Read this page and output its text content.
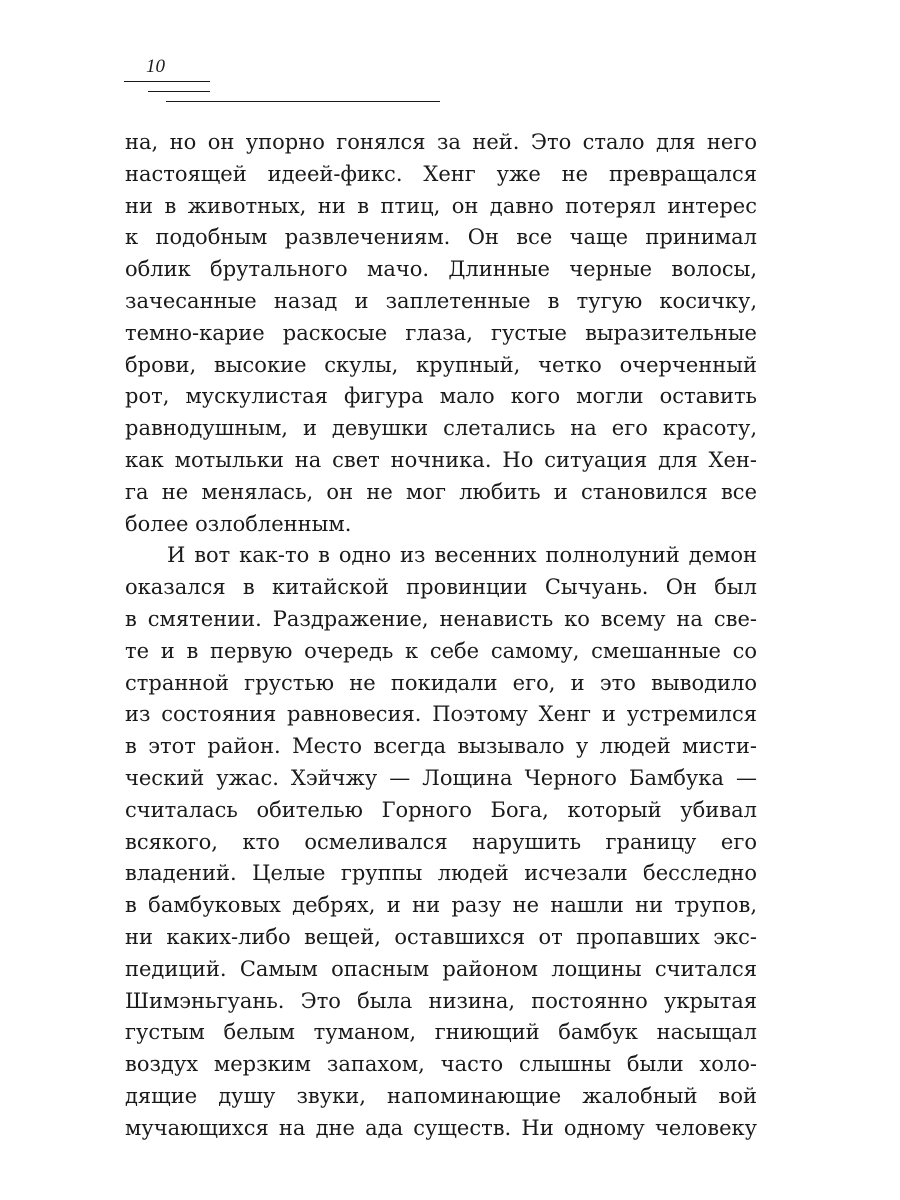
10
на, но он упорно гонялся за ней. Это стало для него
настоящей идеей-фикс. Хенг уже не превращался
ни в животных, ни в птиц, он давно потерял интерес
к подобным развлечениям. Он все чаще принимал
облик брутального мачо. Длинные черные волосы,
зачесанные назад и заплетенные в тугую косичку,
темно-карие раскосые глаза, густые выразительные
брови, высокие скулы, крупный, четко очерченный
рот, мускулистая фигура мало кого могли оставить
равнодушным, и девушки слетались на его красоту,
как мотыльки на свет ночника. Но ситуация для Хен-
га не менялась, он не мог любить и становился все
более озлобленным.
И вот как-то в одно из весенних полнолуний демон
оказался в китайской провинции Сычуань. Он был
в смятении. Раздражение, ненависть ко всему на све-
те и в первую очередь к себе самому, смешанные со
странной грустью не покидали его, и это выводило
из состояния равновесия. Поэтому Хенг и устремился
в этот район. Место всегда вызывало у людей мисти-
ческий ужас. Хэйчжу — Лощина Черного Бамбука —
считалась обителью Горного Бога, который убивал
всякого, кто осмеливался нарушить границу его
владений. Целые группы людей исчезали бесследно
в бамбуковых дебрях, и ни разу не нашли ни трупов,
ни каких-либо вещей, оставшихся от пропавших экс-
педиций. Самым опасным районом лощины считался
Шимэньгуань. Это была низина, постоянно укрытая
густым белым туманом, гниющий бамбук насыщал
воздух мерзким запахом, часто слышны были холо-
дящие душу звуки, напоминающие жалобный вой
мучающихся на дне ада существ. Ни одному человеку
